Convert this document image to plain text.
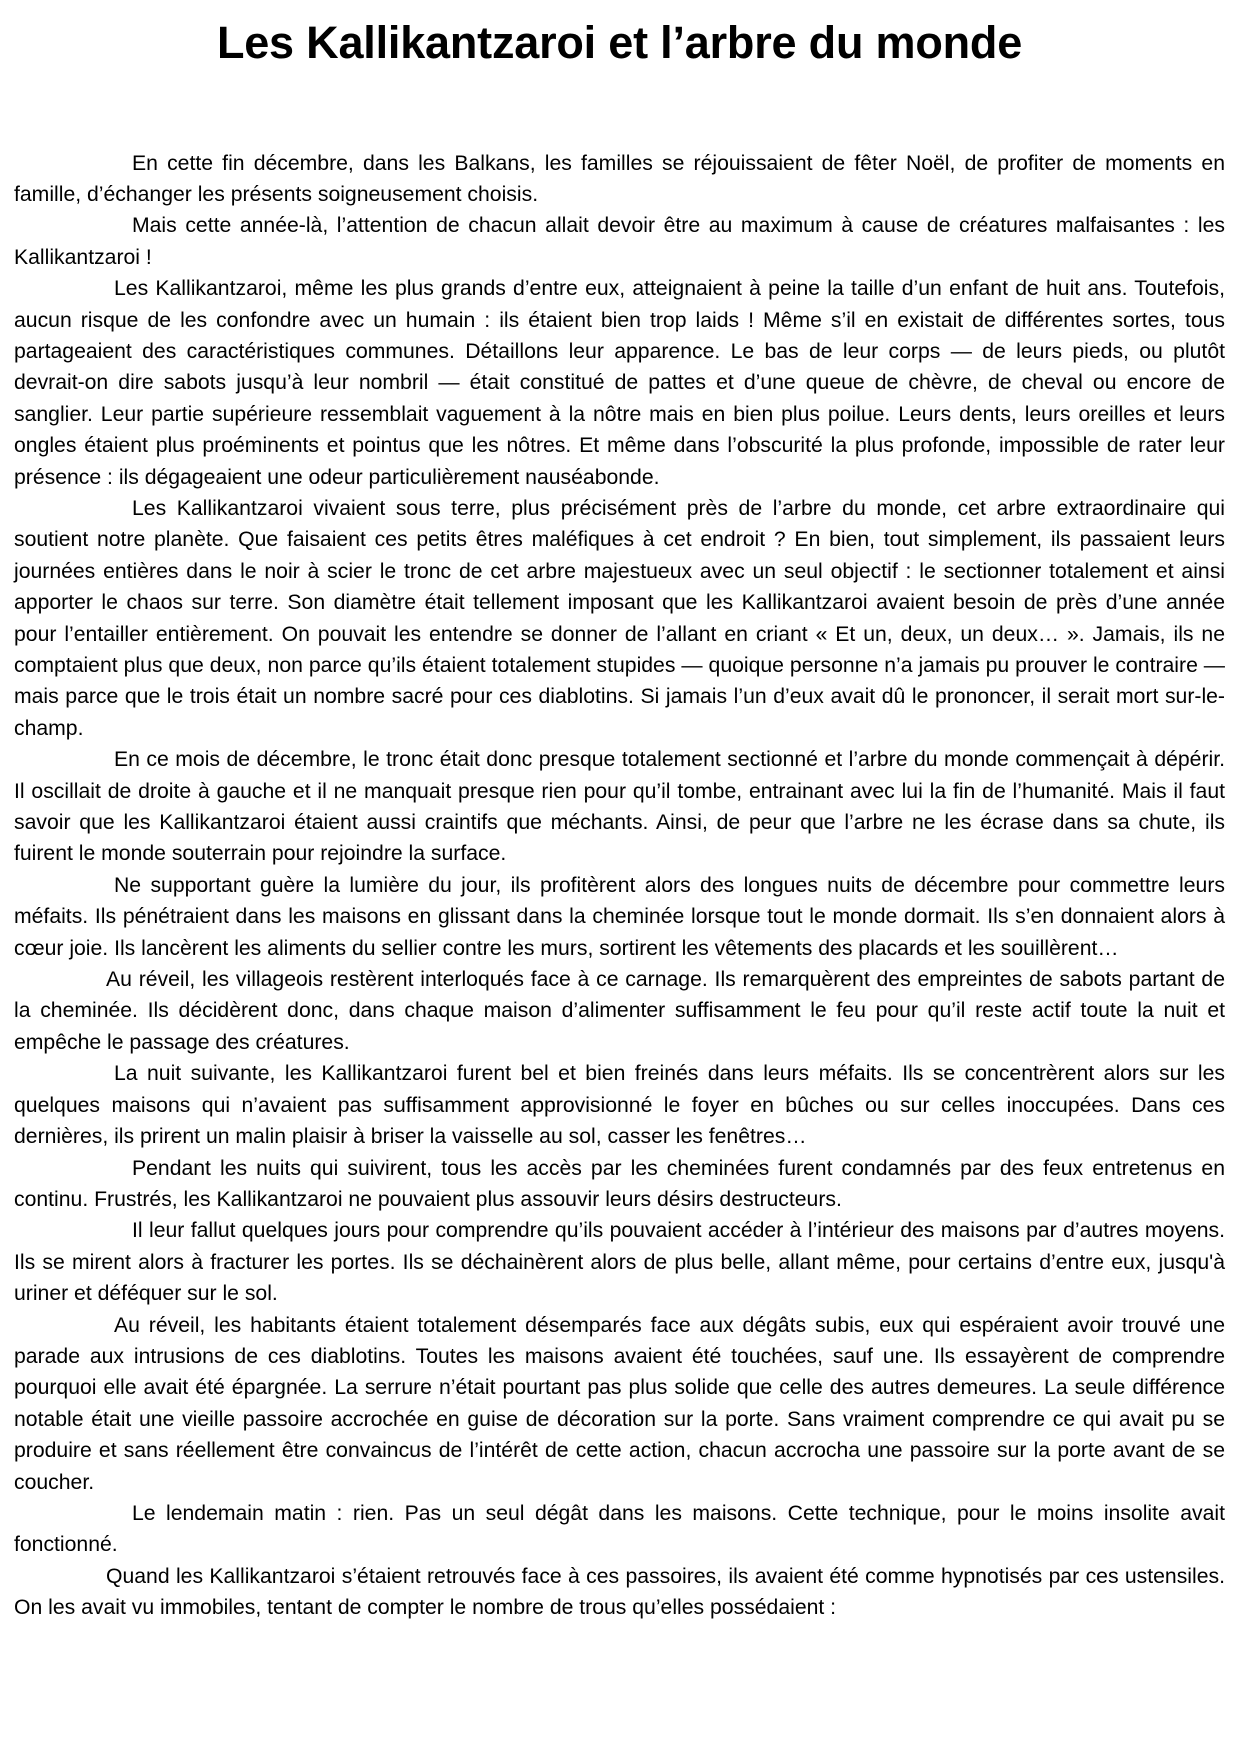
Les Kallikantzaroi et l’arbre du monde

En cette fin décembre, dans les Balkans, les familles se réjouissaient de fêter Noël, de profiter de moments en famille, d’échanger les présents soigneusement choisis.

Mais cette année-là, l’attention de chacun allait devoir être au maximum à cause de créatures malfaisantes : les Kallikantzaroi !

Les Kallikantzaroi, même les plus grands d’entre eux, atteignaient à peine la taille d’un enfant de huit ans. Toutefois, aucun risque de les confondre avec un humain : ils étaient bien trop laids ! Même s’il en existait de différentes sortes, tous partageaient des caractéristiques communes. Détaillons leur apparence. Le bas de leur corps — de leurs pieds, ou plutôt devrait-on dire sabots jusqu’à leur nombril — était constitué de pattes et d’une queue de chèvre, de cheval ou encore de sanglier. Leur partie supérieure ressemblait vaguement à la nôtre mais en bien plus poilue. Leurs dents, leurs oreilles et leurs ongles étaient plus proéminents et pointus que les nôtres. Et même dans l’obscurité la plus profonde, impossible de rater leur présence : ils dégageaient une odeur particulièrement nauséabonde.

Les Kallikantzaroi vivaient sous terre, plus précisément près de l’arbre du monde, cet arbre extraordinaire qui soutient notre planète. Que faisaient ces petits êtres maléfiques à cet endroit ? En bien, tout simplement, ils passaient leurs journées entières dans le noir à scier le tronc de cet arbre majestueux avec un seul objectif : le sectionner totalement et ainsi apporter le chaos sur terre. Son diamètre était tellement imposant que les Kallikantzaroi avaient besoin de près d’une année pour l’entailler entièrement. On pouvait les entendre se donner de l’allant en criant « Et un, deux, un deux… ». Jamais, ils ne comptaient plus que deux, non parce qu’ils étaient totalement stupides — quoique personne n’a jamais pu prouver le contraire — mais parce que le trois était un nombre sacré pour ces diablotins. Si jamais l’un d’eux avait dû le prononcer, il serait mort sur-le-champ.

En ce mois de décembre, le tronc était donc presque totalement sectionné et l’arbre du monde commençait à dépérir. Il oscillait de droite à gauche et il ne manquait presque rien pour qu’il tombe, entrainant avec lui la fin de l’humanité. Mais il faut savoir que les Kallikantzaroi étaient aussi craintifs que méchants. Ainsi, de peur que l’arbre ne les écrase dans sa chute, ils fuirent le monde souterrain pour rejoindre la surface.

Ne supportant guère la lumière du jour, ils profitèrent alors des longues nuits de décembre pour commettre leurs méfaits. Ils pénétraient dans les maisons en glissant dans la cheminée lorsque tout le monde dormait. Ils s’en donnaient alors à cœur joie. Ils lancèrent les aliments du sellier contre les murs, sortirent les vêtements des placards et les souillèrent…

Au réveil, les villageois restèrent interloqués face à ce carnage. Ils remarquèrent des empreintes de sabots partant de la cheminée. Ils décidèrent donc, dans chaque maison d’alimenter suffisamment le feu pour qu’il reste actif toute la nuit et empêche le passage des créatures.

La nuit suivante, les Kallikantzaroi furent bel et bien freinés dans leurs méfaits. Ils se concentrèrent alors sur les quelques maisons qui n’avaient pas suffisamment approvisionné le foyer en bûches ou sur celles inoccupées. Dans ces dernières, ils prirent un malin plaisir à briser la vaisselle au sol, casser les fenêtres…

Pendant les nuits qui suivirent, tous les accès par les cheminées furent condamnés par des feux entretenus en continu. Frustrés, les Kallikantzaroi ne pouvaient plus assouvir leurs désirs destructeurs.

Il leur fallut quelques jours pour comprendre qu’ils pouvaient accéder à l’intérieur des maisons par d’autres moyens. Ils se mirent alors à fracturer les portes. Ils se déchainèrent alors de plus belle, allant même, pour certains d’entre eux, jusqu'à uriner et déféquer sur le sol.

Au réveil, les habitants étaient totalement désemparés face aux dégâts subis, eux qui espéraient avoir trouvé une parade aux intrusions de ces diablotins. Toutes les maisons avaient été touchées, sauf une. Ils essayèrent de comprendre pourquoi elle avait été épargnée. La serrure n’était pourtant pas plus solide que celle des autres demeures. La seule différence notable était une vieille passoire accrochée en guise de décoration sur la porte. Sans vraiment comprendre ce qui avait pu se produire et sans réellement être convaincus de l’intérêt de cette action, chacun accrocha une passoire sur la porte avant de se coucher.

Le lendemain matin : rien. Pas un seul dégât dans les maisons. Cette technique, pour le moins insolite avait fonctionné.

Quand les Kallikantzaroi s’étaient retrouvés face à ces passoires, ils avaient été comme hypnotisés par ces ustensiles. On les avait vu immobiles, tentant de compter le nombre de trous qu’elles possédaient :
